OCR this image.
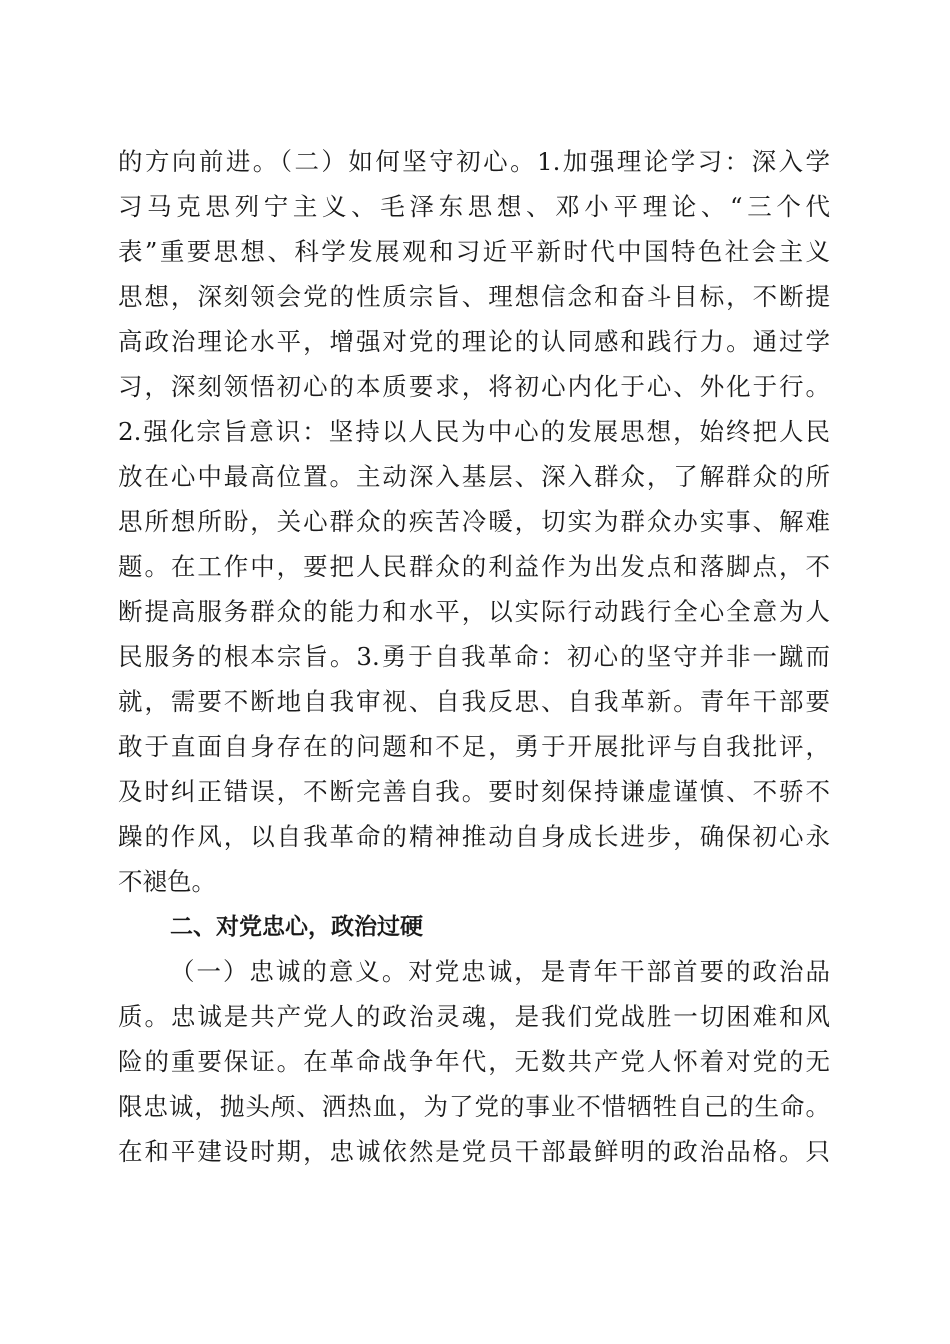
的方向前进。（二）如何坚守初心。1.加强理论学习：深入学
习马克思列宁主义、毛泽东思想、邓小平理论、“三个代
表”重要思想、科学发展观和习近平新时代中国特色社会主义
思想，深刻领会党的性质宗旨、理想信念和奋斗目标，不断提
高政治理论水平，增强对党的理论的认同感和践行力。通过学
习，深刻领悟初心的本质要求，将初心内化于心、外化于行。
2.强化宗旨意识：坚持以人民为中心的发展思想，始终把人民
放在心中最高位置。主动深入基层、深入群众，了解群众的所
思所想所盼，关心群众的疾苦冷暖，切实为群众办实事、解难
题。在工作中，要把人民群众的利益作为出发点和落脚点，不
断提高服务群众的能力和水平，以实际行动践行全心全意为人
民服务的根本宗旨。3.勇于自我革命：初心的坚守并非一蹴而
就，需要不断地自我审视、自我反思、自我革新。青年干部要
敢于直面自身存在的问题和不足，勇于开展批评与自我批评，
及时纠正错误，不断完善自我。要时刻保持谦虚谨慎、不骄不
躁的作风，以自我革命的精神推动自身成长进步，确保初心永
不褪色。
二、对党忠心，政治过硬
（一）忠诚的意义。对党忠诚，是青年干部首要的政治品
质。忠诚是共产党人的政治灵魂，是我们党战胜一切困难和风
险的重要保证。在革命战争年代，无数共产党人怀着对党的无
限忠诚，抛头颅、洒热血，为了党的事业不惜牺牲自己的生命。
在和平建设时期，忠诚依然是党员干部最鲜明的政治品格。只
